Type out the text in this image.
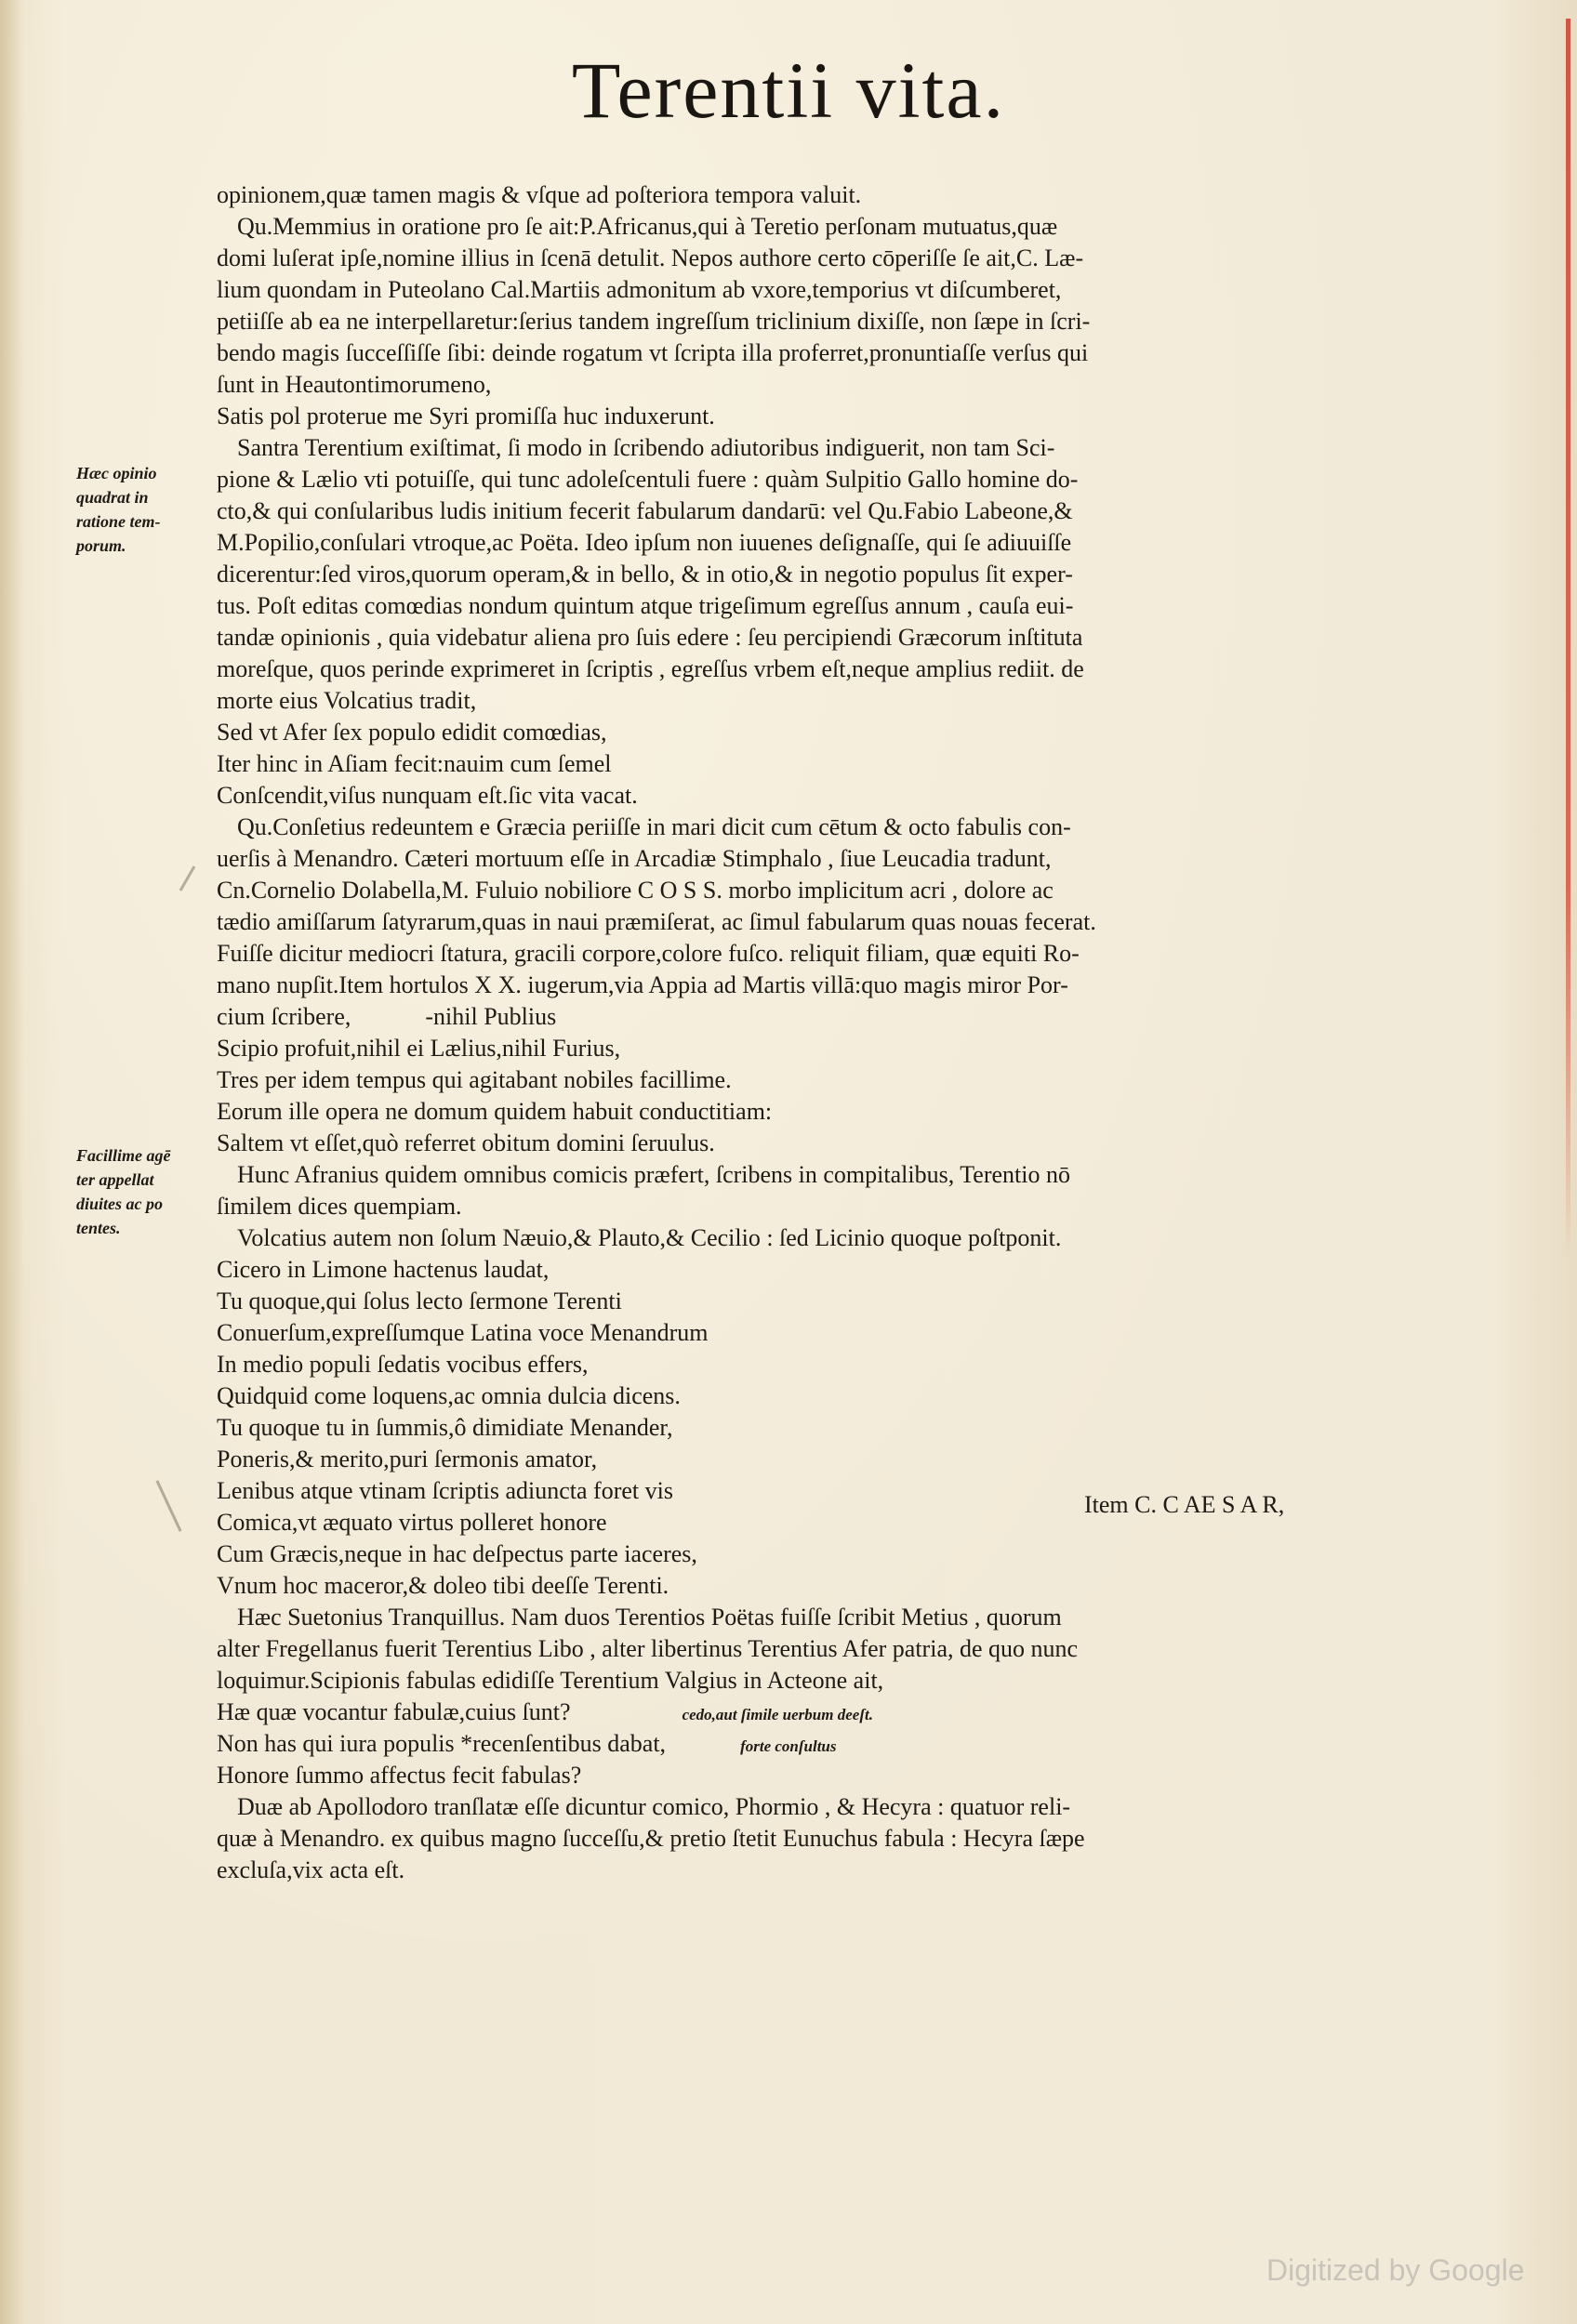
Terentii vita.
Hæc opinio
quadrat in
ratione tem-
porum.
Facillime agē
ter appellat
diuites ac po
tentes.
Item C. C AE S A R,
opinionem,quæ tamen magis & vſque ad poſteriora tempora valuit.
Qu.Memmius in oratione pro ſe ait:P.Africanus,qui à Teretio perſonam mutuatus,quæ
domi luſerat ipſe,nomine illius in ſcenā detulit. Nepos authore certo cōperiſſe ſe ait,C. Læ-
lium quondam in Puteolano Cal.Martiis admonitum ab vxore,temporius vt diſcumberet,
petiiſſe ab ea ne interpellaretur:ſerius tandem ingreſſum triclinium dixiſſe, non ſæpe in ſcri-
bendo magis ſucceſſiſſe ſibi: deinde rogatum vt ſcripta illa proferret,pronuntiaſſe verſus qui
ſunt in Heautontimorumeno,
Satis pol proterue me Syri promiſſa huc induxerunt.
Santra Terentium exiſtimat, ſi modo in ſcribendo adiutoribus indiguerit, non tam Sci-
pione & Lælio vti potuiſſe, qui tunc adoleſcentuli fuere : quàm Sulpitio Gallo homine do-
cto,& qui conſularibus ludis initium fecerit fabularum dandarū: vel Qu.Fabio Labeone,&
M.Popilio,conſulari vtroque,ac Poëta. Ideo ipſum non iuuenes deſignaſſe, qui ſe adiuuiſſe
dicerentur:ſed viros,quorum operam,& in bello, & in otio,& in negotio populus ſit exper-
tus. Poſt editas comœdias nondum quintum atque trigeſimum egreſſus annum , cauſa eui-
tandæ opinionis , quia videbatur aliena pro ſuis edere : ſeu percipiendi Græcorum inſtituta
moreſque, quos perinde exprimeret in ſcriptis , egreſſus vrbem eſt,neque amplius rediit. de
morte eius Volcatius tradit,
Sed vt Afer ſex populo edidit comœdias,
Iter hinc in Aſiam fecit:nauim cum ſemel
Conſcendit,viſus nunquam eſt.ſic vita vacat.
Qu.Conſetius redeuntem e Græcia periiſſe in mari dicit cum cētum & octo fabulis con-
uerſis à Menandro. Cæteri mortuum eſſe in Arcadiæ Stimphalo , ſiue Leucadia tradunt,
Cn.Cornelio Dolabella,M. Fuluio nobiliore C O S S. morbo implicitum acri , dolore ac
tædio amiſſarum ſatyrarum,quas in naui præmiſerat, ac ſimul fabularum quas nouas fecerat.
Fuiſſe dicitur mediocri ſtatura, gracili corpore,colore fuſco. reliquit filiam, quæ equiti Ro-
mano nupſit.Item hortulos X X. iugerum,via Appia ad Martis villā:quo magis miror Por-
cium ſcribere,	-nihil Publius
Scipio profuit,nihil ei Lælius,nihil Furius,
Tres per idem tempus qui agitabant nobiles facillime.
Eorum ille opera ne domum quidem habuit conductitiam:
Saltem vt eſſet,quò referret obitum domini ſeruulus.
Hunc Afranius quidem omnibus comicis præfert, ſcribens in compitalibus, Terentio nō
ſimilem dices quempiam.
Volcatius autem non ſolum Næuio,& Plauto,& Cecilio : ſed Licinio quoque poſtponit.
Cicero in Limone hactenus laudat,
Tu quoque,qui ſolus lecto ſermone Terenti
Conuerſum,expreſſumque Latina voce Menandrum
In medio populi ſedatis vocibus effers,
Quidquid come loquens,ac omnia dulcia dicens.
Tu quoque tu in ſummis,ô dimidiate Menander,
Poneris,& merito,puri ſermonis amator,
Lenibus atque vtinam ſcriptis adiuncta foret vis
Comica,vt æquato virtus polleret honore
Cum Græcis,neque in hac deſpectus parte iaceres,
Vnum hoc maceror,& doleo tibi deeſſe Terenti.
Hæc Suetonius Tranquillus. Nam duos Terentios Poëtas fuiſſe ſcribit Metius , quorum
alter Fregellanus fuerit Terentius Libo , alter libertinus Terentius Afer patria, de quo nunc
loquimur.Scipionis fabulas edidiſſe Terentium Valgius in Acteone ait,
Hæ quæ vocantur fabulæ,cuius ſunt?	cedo,aut ſimile uerbum deeſt.
Non has qui iura populis *recenſentibus dabat,	forte conſultus
Honore ſummo affectus fecit fabulas?
Duæ ab Apollodoro tranſlatæ eſſe dicuntur comico, Phormio , & Hecyra : quatuor reli-
quæ à Menandro. ex quibus magno ſucceſſu,& pretio ſtetit Eunuchus fabula : Hecyra ſæpe
excluſa,vix acta eſt.
Digitized by Google
